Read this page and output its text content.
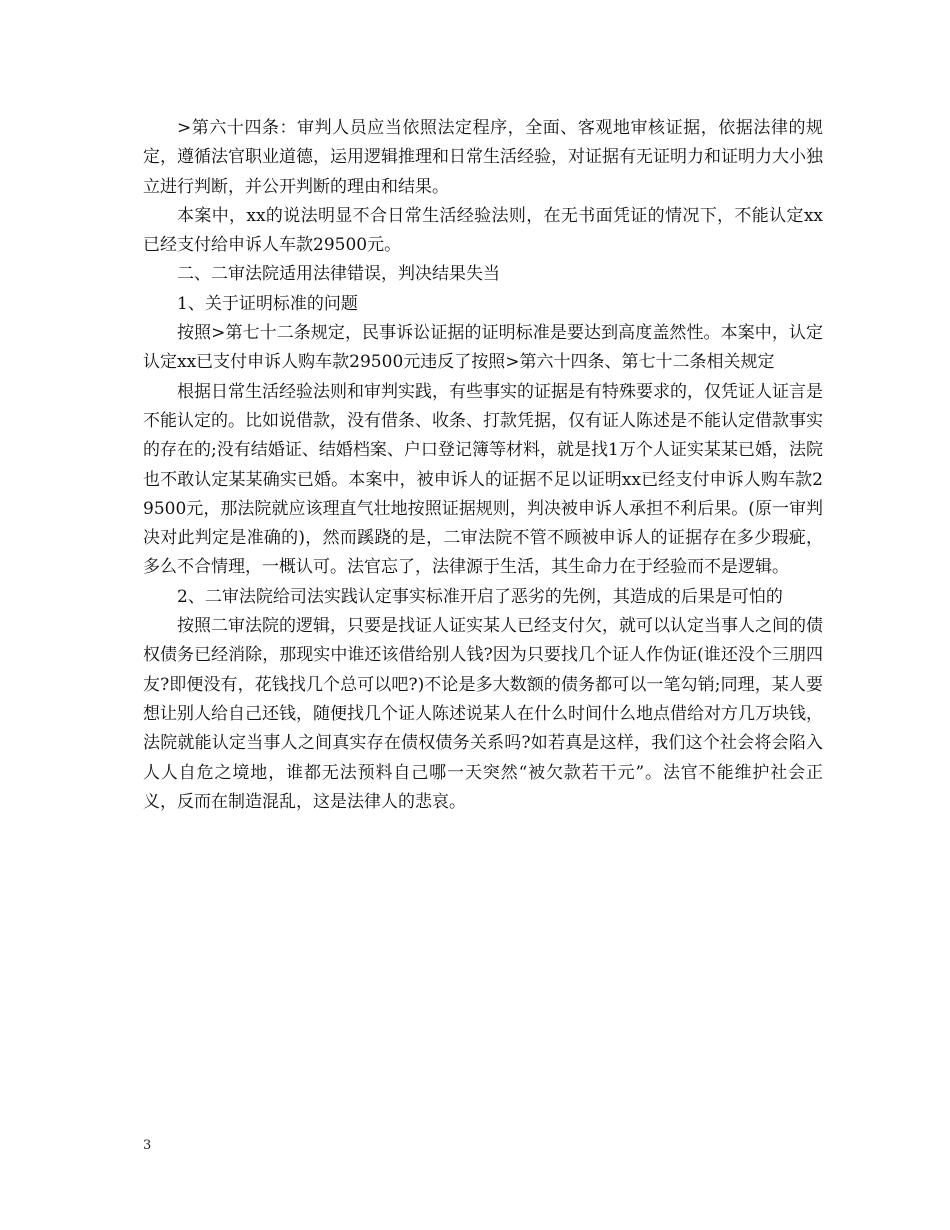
>第六十四条：审判人员应当依照法定程序，全面、客观地审核证据，依据法律的规定，遵循法官职业道德，运用逻辑推理和日常生活经验，对证据有无证明力和证明力大小独立进行判断，并公开判断的理由和结果。

本案中，xx的说法明显不合日常生活经验法则，在无书面凭证的情况下，不能认定xx已经支付给申诉人车款29500元。

二、二审法院适用法律错误，判决结果失当

1、关于证明标准的问题

按照>第七十二条规定，民事诉讼证据的证明标准是要达到高度盖然性。本案中，认定认定xx已支付申诉人购车款29500元违反了按照>第六十四条、第七十二条相关规定

根据日常生活经验法则和审判实践，有些事实的证据是有特殊要求的，仅凭证人证言是不能认定的。比如说借款，没有借条、收条、打款凭据，仅有证人陈述是不能认定借款事实的存在的;没有结婚证、结婚档案、户口登记簿等材料，就是找1万个人证实某某已婚，法院也不敢认定某某确实已婚。本案中，被申诉人的证据不足以证明xx已经支付申诉人购车款29500元，那法院就应该理直气壮地按照证据规则，判决被申诉人承担不利后果。(原一审判决对此判定是准确的)，然而蹊跷的是，二审法院不管不顾被申诉人的证据存在多少瑕疵，多么不合情理，一概认可。法官忘了，法律源于生活，其生命力在于经验而不是逻辑。

2、二审法院给司法实践认定事实标准开启了恶劣的先例，其造成的后果是可怕的

按照二审法院的逻辑，只要是找证人证实某人已经支付欠，就可以认定当事人之间的债权债务已经消除，那现实中谁还该借给别人钱?因为只要找几个证人作伪证(谁还没个三朋四友?即便没有，花钱找几个总可以吧?)不论是多大数额的债务都可以一笔勾销;同理，某人要想让别人给自己还钱，随便找几个证人陈述说某人在什么时间什么地点借给对方几万块钱，法院就能认定当事人之间真实存在债权债务关系吗?如若真是这样，我们这个社会将会陷入人人自危之境地，谁都无法预料自己哪一天突然“被欠款若干元”。法官不能维护社会正义，反而在制造混乱，这是法律人的悲哀。

3
